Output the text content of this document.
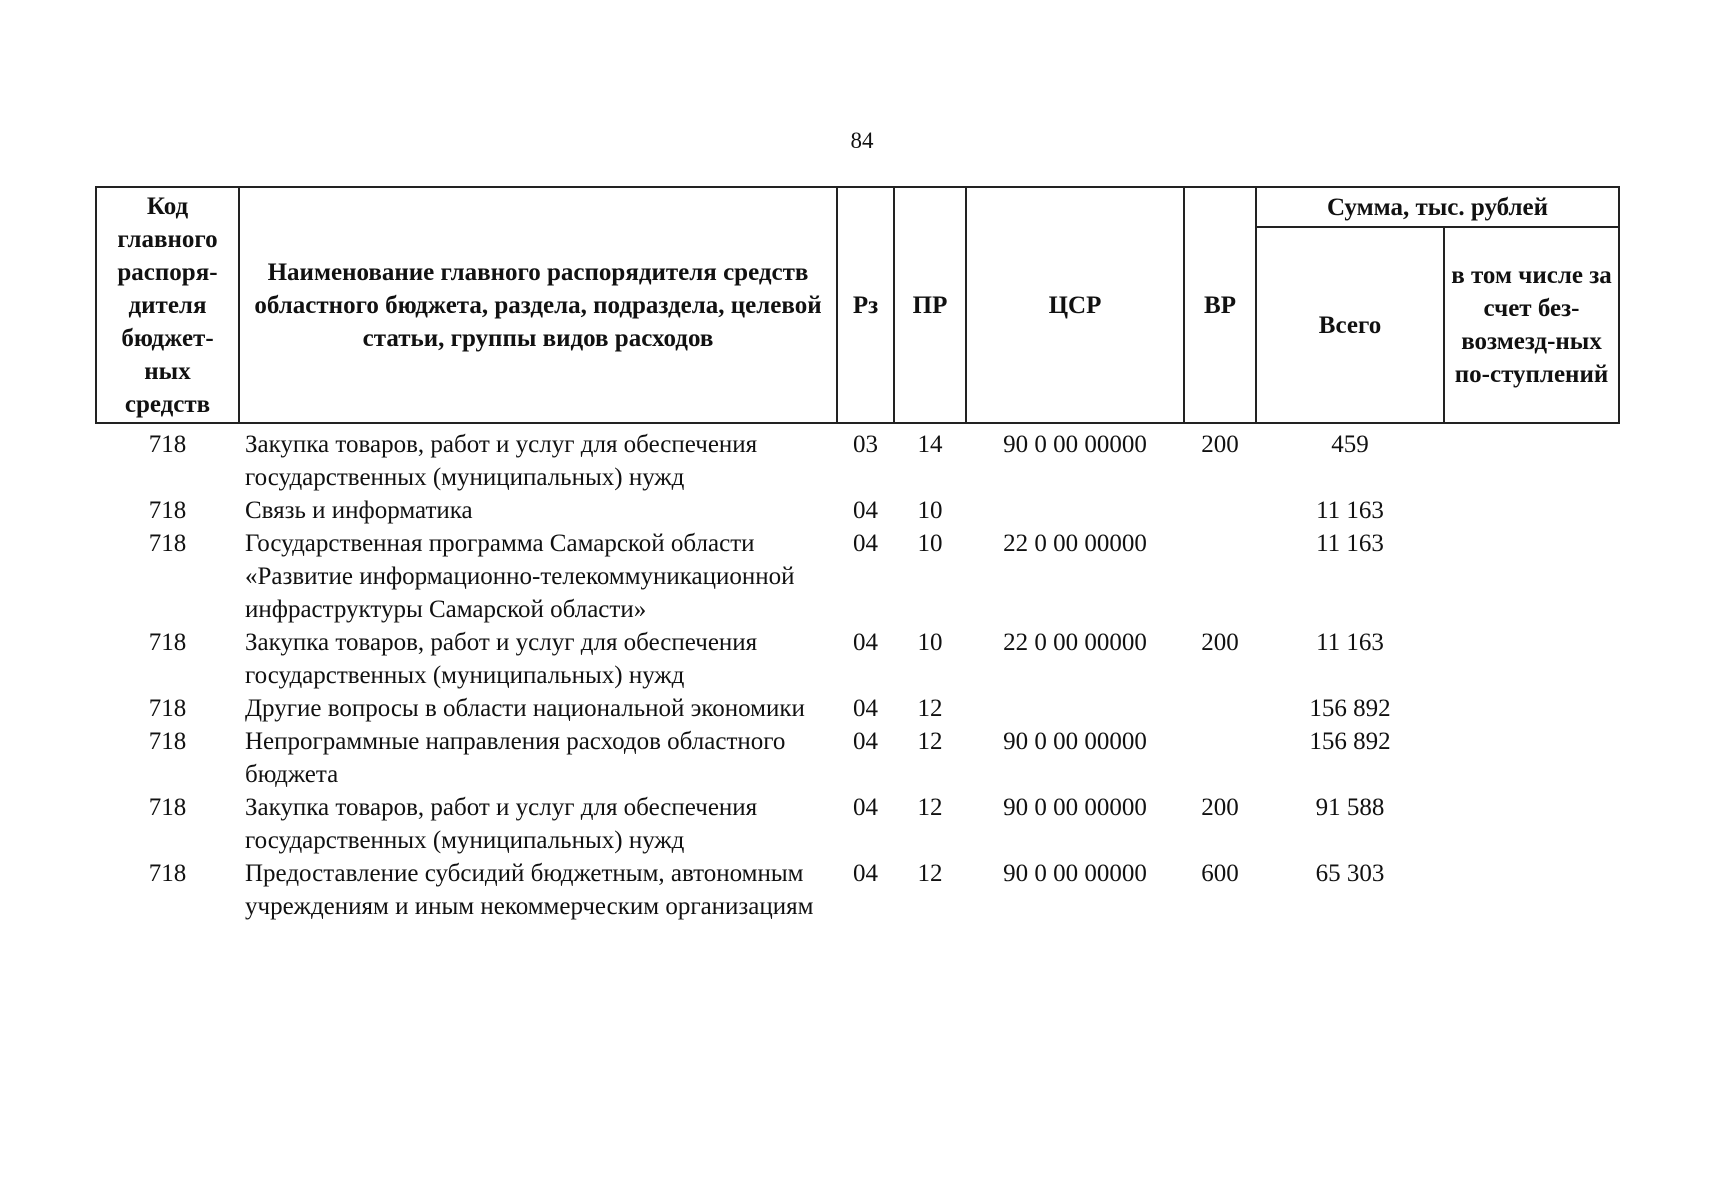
84
Код главного распоря-дителя бюджет-ных средств	Наименование главного распорядителя средств областного бюджета, раздела, подраздела, целевой статьи, группы видов расходов	Рз	ПР	ЦСР	ВР	Сумма, тыс. рублей	
						Всего	в том числе за счет без-возмезд-ных по-ступлений
718	Закупка товаров, работ и услуг для обеспечения государственных (муниципальных) нужд	03	14	90 0 00 00000	200	459	
718	Связь и информатика	04	10			11 163	
718	Государственная программа Самарской области «Развитие информационно-телекоммуникационной инфраструктуры Самарской области»	04	10	22 0 00 00000		11 163	
718	Закупка товаров, работ и услуг для обеспечения государственных (муниципальных) нужд	04	10	22 0 00 00000	200	11 163	
718	Другие вопросы в области национальной экономики	04	12			156 892	
718	Непрограммные направления расходов областного бюджета	04	12	90 0 00 00000		156 892	
718	Закупка товаров, работ и услуг для обеспечения государственных (муниципальных) нужд	04	12	90 0 00 00000	200	91 588	
718	Предоставление субсидий бюджетным, автономным учреждениям и иным некоммерческим организациям	04	12	90 0 00 00000	600	65 303	
